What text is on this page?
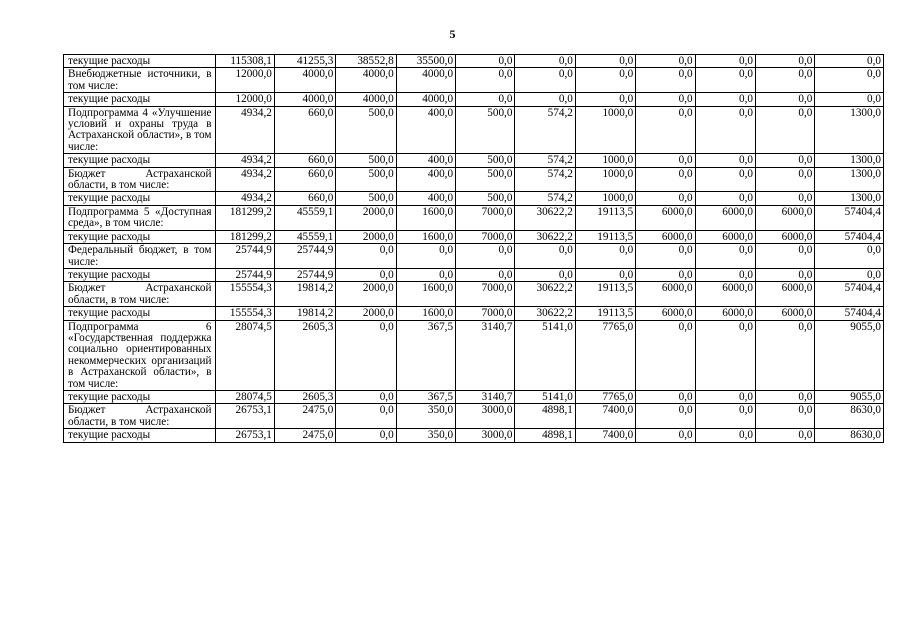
5
текущие расходы	115308,1	41255,3	38552,8	35500,0	0,0	0,0	0,0	0,0	0,0	0,0	0,0
Внебюджетные источники, в том числе:	12000,0	4000,0	4000,0	4000,0	0,0	0,0	0,0	0,0	0,0	0,0	0,0
текущие расходы	12000,0	4000,0	4000,0	4000,0	0,0	0,0	0,0	0,0	0,0	0,0	0,0
Подпрограмма 4 «Улучшение условий и охраны труда в Астраханской области», в том числе:	4934,2	660,0	500,0	400,0	500,0	574,2	1000,0	0,0	0,0	0,0	1300,0
текущие расходы	4934,2	660,0	500,0	400,0	500,0	574,2	1000,0	0,0	0,0	0,0	1300,0
Бюджет Астраханской области, в том числе:	4934,2	660,0	500,0	400,0	500,0	574,2	1000,0	0,0	0,0	0,0	1300,0
текущие расходы	4934,2	660,0	500,0	400,0	500,0	574,2	1000,0	0,0	0,0	0,0	1300,0
Подпрограмма 5 «Доступная среда», в том числе:	181299,2	45559,1	2000,0	1600,0	7000,0	30622,2	19113,5	6000,0	6000,0	6000,0	57404,4
текущие расходы	181299,2	45559,1	2000,0	1600,0	7000,0	30622,2	19113,5	6000,0	6000,0	6000,0	57404,4
Федеральный бюджет, в том числе:	25744,9	25744,9	0,0	0,0	0,0	0,0	0,0	0,0	0,0	0,0	0,0
текущие расходы	25744,9	25744,9	0,0	0,0	0,0	0,0	0,0	0,0	0,0	0,0	0,0
Бюджет Астраханской области, в том числе:	155554,3	19814,2	2000,0	1600,0	7000,0	30622,2	19113,5	6000,0	6000,0	6000,0	57404,4
текущие расходы	155554,3	19814,2	2000,0	1600,0	7000,0	30622,2	19113,5	6000,0	6000,0	6000,0	57404,4
Подпрограмма 6 «Государственная поддержка социально ориентированных некоммерческих организаций в Астраханской области», в том числе:	28074,5	2605,3	0,0	367,5	3140,7	5141,0	7765,0	0,0	0,0	0,0	9055,0
текущие расходы	28074,5	2605,3	0,0	367,5	3140,7	5141,0	7765,0	0,0	0,0	0,0	9055,0
Бюджет Астраханской области, в том числе:	26753,1	2475,0	0,0	350,0	3000,0	4898,1	7400,0	0,0	0,0	0,0	8630,0
текущие расходы	26753,1	2475,0	0,0	350,0	3000,0	4898,1	7400,0	0,0	0,0	0,0	8630,0
